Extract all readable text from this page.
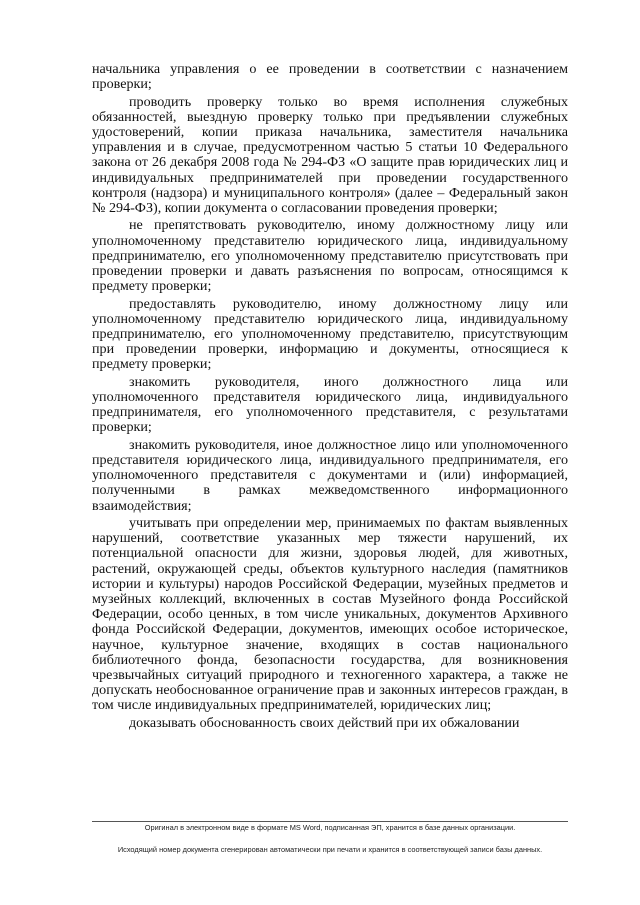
начальника управления о ее проведении в соответствии с назначением проверки;

проводить проверку только во время исполнения служебных обязанностей, выездную проверку только при предъявлении служебных удостоверений, копии приказа начальника, заместителя начальника управления и в случае, предусмотренном частью 5 статьи 10 Федерального закона от 26 декабря 2008 года № 294-ФЗ «О защите прав юридических лиц и индивидуальных предпринимателей при проведении государственного контроля (надзора) и муниципального контроля» (далее – Федеральный закон № 294-ФЗ), копии документа о согласовании проведения проверки;

не препятствовать руководителю, иному должностному лицу или уполномоченному представителю юридического лица, индивидуальному предпринимателю, его уполномоченному представителю присутствовать при проведении проверки и давать разъяснения по вопросам, относящимся к предмету проверки;

предоставлять руководителю, иному должностному лицу или уполномоченному представителю юридического лица, индивидуальному предпринимателю, его уполномоченному представителю, присутствующим при проведении проверки, информацию и документы, относящиеся к предмету проверки;

знакомить руководителя, иного должностного лица или уполномоченного представителя юридического лица, индивидуального предпринимателя, его уполномоченного представителя, с результатами проверки;

знакомить руководителя, иное должностное лицо или уполномоченного представителя юридического лица, индивидуального предпринимателя, его уполномоченного представителя с документами и (или) информацией, полученными в рамках межведомственного информационного взаимодействия;

учитывать при определении мер, принимаемых по фактам выявленных нарушений, соответствие указанных мер тяжести нарушений, их потенциальной опасности для жизни, здоровья людей, для животных, растений, окружающей среды, объектов культурного наследия (памятников истории и культуры) народов Российской Федерации, музейных предметов и музейных коллекций, включенных в состав Музейного фонда Российской Федерации, особо ценных, в том числе уникальных, документов Архивного фонда Российской Федерации, документов, имеющих особое историческое, научное, культурное значение, входящих в состав национального библиотечного фонда, безопасности государства, для возникновения чрезвычайных ситуаций природного и техногенного характера, а также не допускать необоснованное ограничение прав и законных интересов граждан, в том числе индивидуальных предпринимателей, юридических лиц;

доказывать обоснованность своих действий при их обжаловании

Оригинал в электронном виде в формате MS Word, подписанная ЭП, хранится в базе данных организации.
Исходящий номер документа сгенерирован автоматически при печати и хранится в соответствующей записи базы данных.
